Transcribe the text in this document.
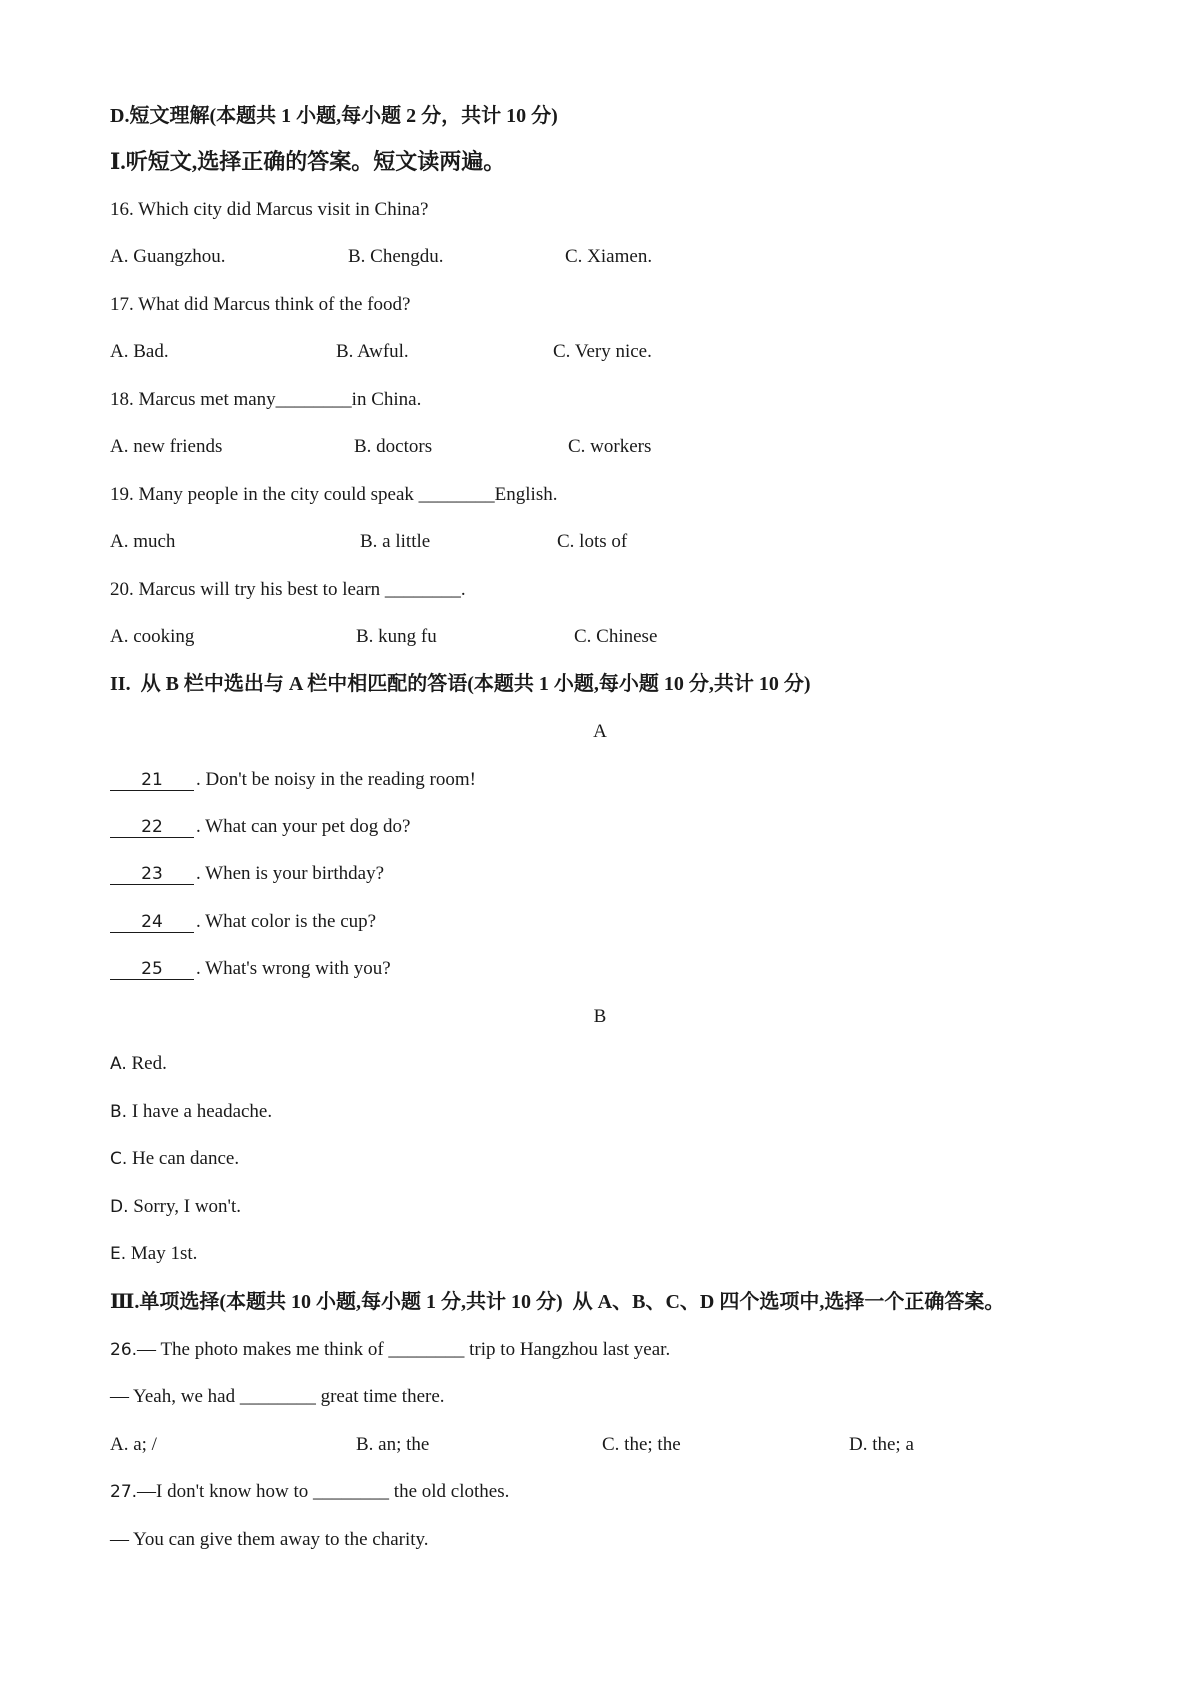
D.短文理解(本题共 1 小题,每小题 2 分，共计 10 分)
Ⅰ.听短文,选择正确的答案。短文读两遍。
16. Which city did Marcus visit in China?
A. Guangzhou.	B. Chengdu.	C. Xiamen.
17. What did Marcus think of the food?
A. Bad.	B. Awful.	C. Very nice.
18. Marcus met many________in China.
A. new friends	B. doctors	C. workers
19. Many people in the city could speak ________English.
A. much	B. a little	C. lots of
20. Marcus will try his best to learn ________.
A. cooking	B. kung fu	C. Chinese
II.  从 B 栏中选出与 A 栏中相匹配的答语(本题共 1 小题,每小题 10 分,共计 10 分)
A
21 . Don't be noisy in the reading room!
22 . What can your pet dog do?
23 . When is your birthday?
24 . What color is the cup?
25 . What's wrong with you?
B
A. Red.
B. I have a headache.
C. He can dance.
D. Sorry, I won't.
E. May 1st.
Ⅲ.单项选择(本题共 10 小题,每小题 1 分,共计 10 分)  从 A、B、C、D 四个选项中,选择一个正确答案。
26.— The photo makes me think of ________ trip to Hangzhou last year.
— Yeah, we had ________ great time there.
A. a; /	B. an; the	C. the; the	D. the; a
27.—I don't know how to ________ the old clothes.
— You can give them away to the charity.
